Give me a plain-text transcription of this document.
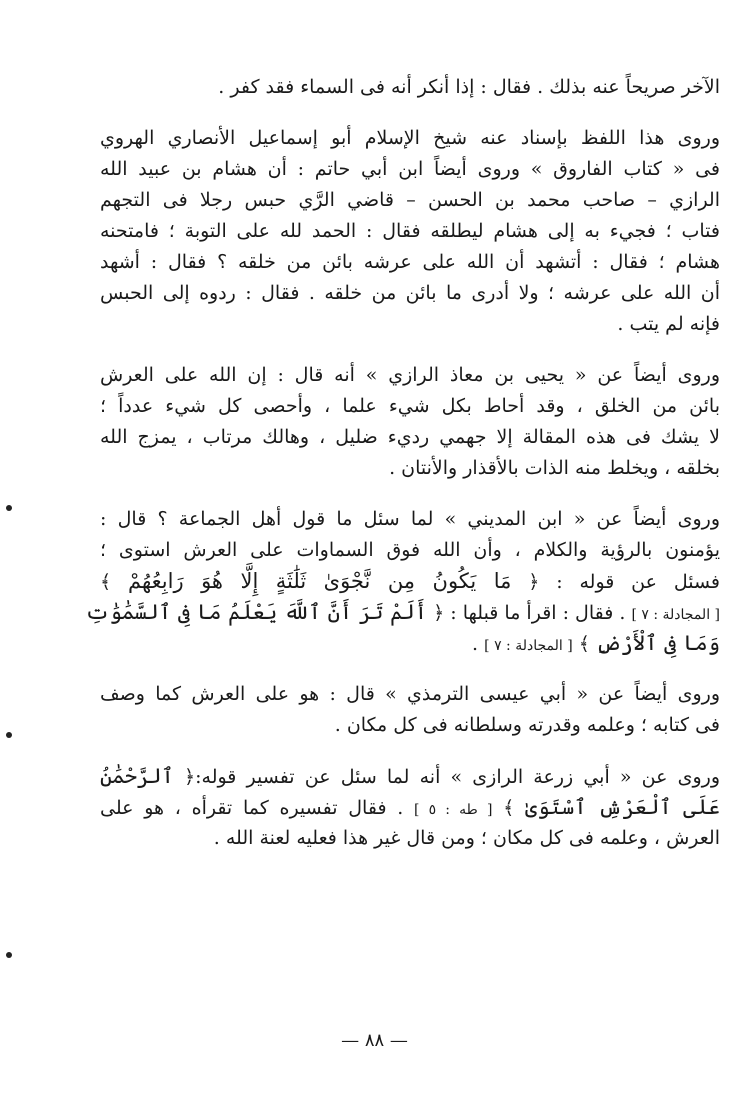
الآخر صريحاً عنه بذلك . فقال : إذا أنكر أنه فى السماء فقد كفر .
وروى هذا اللفظ بإسناد عنه شيخ الإسلام أبو إسماعيل الأنصاري الهروي
فى « كتاب الفاروق » وروى أيضاً ابن أبي حاتم : أن هشام بن عبيد الله
الرازي – صاحب محمد بن الحسن – قاضي الرَّي حبس رجلا فى التجهم
فتاب ؛ فجيء به إلى هشام ليطلقه فقال : الحمد لله على التوبة ؛ فامتحنه
هشام ؛ فقال : أتشهد أن الله على عرشه بائن من خلقه ؟ فقال : أشهد
أن الله على عرشه ؛ ولا أدرى ما بائن من خلقه . فقال : ردوه إلى الحبس
فإنه لم يتب .
وروى أيضاً عن « يحيى بن معاذ الرازي » أنه قال : إن الله على العرش
بائن من الخلق ، وقد أحاط بكل شيء علما ، وأحصى كل شيء عدداً ؛
لا يشك فى هذه المقالة إلا جهمي رديء ضليل ، وهالك مرتاب ، يمزج الله
بخلقه ، ويخلط منه الذات بالأقذار والأنتان .
وروى أيضاً عن « ابن المديني » لما سئل ما قول أهل الجماعة ؟ قال :
يؤمنون بالرؤية والكلام ، وأن الله فوق السماوات على العرش استوى ؛
فسئل عن قوله : ﴿ مَا يَكُونُ مِن نَّجْوَىٰ ثَلَٰثَةٍ إِلَّا هُوَ رَابِعُهُمْ ﴾
[ المجادلة : ٧ ] . فقال : اقرأ ما قبلها : ﴿ أَلَمْ تَرَ أَنَّ ٱللَّهَ يَعْلَمُ مَا فِى ٱلسَّمَٰوَٰتِ
وَمَا فِى ٱلْأَرْضِ ﴾ [ المجادلة : ٧ ] .
وروى أيضاً عن « أبي عيسى الترمذي » قال : هو على العرش كما وصف
فى كتابه ؛ وعلمه وقدرته وسلطانه فى كل مكان .
وروى عن « أبي زرعة الرازى » أنه لما سئل عن تفسير قوله:﴿ ٱلرَّحْمَٰنُ
عَلَى ٱلْعَرْشِ ٱسْتَوَىٰ ﴾ [ طه : ٥ ] . فقال تفسيره كما تقرأه ، هو على
العرش ، وعلمه فى كل مكان ؛ ومن قال غير هذا فعليه لعنة الله .
— ٨٨ —
